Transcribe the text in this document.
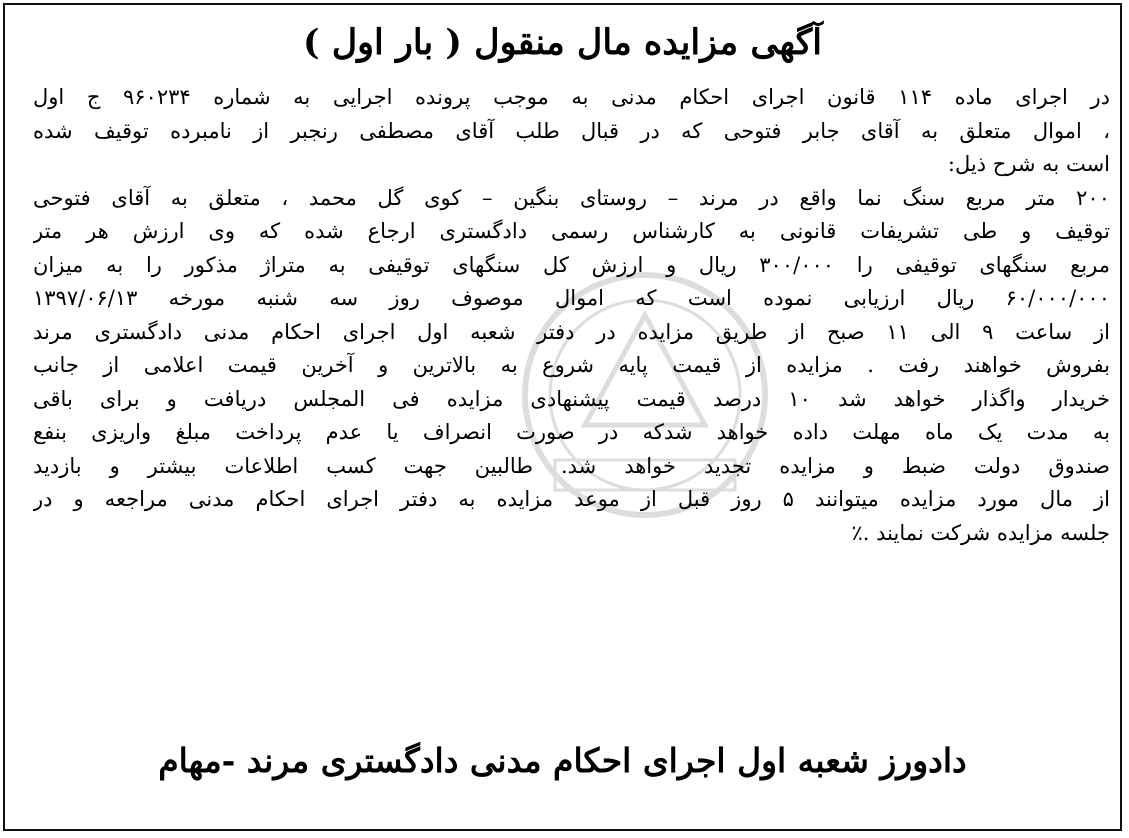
آگهی مزایده مال منقول ( بار اول )
در اجرای ماده ۱۱۴ قانون اجرای احکام مدنی به موجب پرونده اجرایی به شماره ۹۶۰۲۳۴ ج اول
، اموال متعلق به آقای جابر فتوحی که در قبال طلب آقای مصطفی رنجبر از نامبرده توقیف شده
است به شرح ذیل:
۲۰۰ متر مربع سنگ نما واقع در مرند – روستای بنگین – کوی گل محمد ، متعلق به آقای فتوحی
توقیف و طی تشریفات قانونی به کارشناس رسمی دادگستری ارجاع شده که وی ارزش هر متر
مربع سنگهای توقیفی را ۳۰۰/۰۰۰ ریال و ارزش کل سنگهای توقیفی به متراژ مذکور را به میزان
۶۰/۰۰۰/۰۰۰ ریال ارزیابی نموده است که اموال موصوف روز سه شنبه مورخه ۱۳۹۷/۰۶/۱۳
از ساعت ۹ الی ۱۱ صبح از طریق مزایده در دفتر شعبه اول اجرای احکام مدنی دادگستری مرند
بفروش خواهند رفت . مزایده از قیمت پایه شروع به بالاترین و آخرین قیمت اعلامی از جانب
خریدار واگذار خواهد شد ۱۰ درصد قیمت پیشنهادی مزایده فی المجلس دریافت و برای باقی
به مدت یک ماه مهلت داده خواهد شدکه در صورت انصراف یا عدم پرداخت مبلغ واریزی بنفع
صندوق دولت ضبط و مزایده تجدید خواهد شد. طالبین جهت کسب اطلاعات بیشتر و بازدید
از مال مورد مزایده میتوانند ۵ روز قبل از موعد مزایده به دفتر اجرای احکام مدنی مراجعه و در
جلسه مزایده شرکت نمایند .٪
دادورز شعبه اول اجرای احکام مدنی دادگستری مرند -مهام
